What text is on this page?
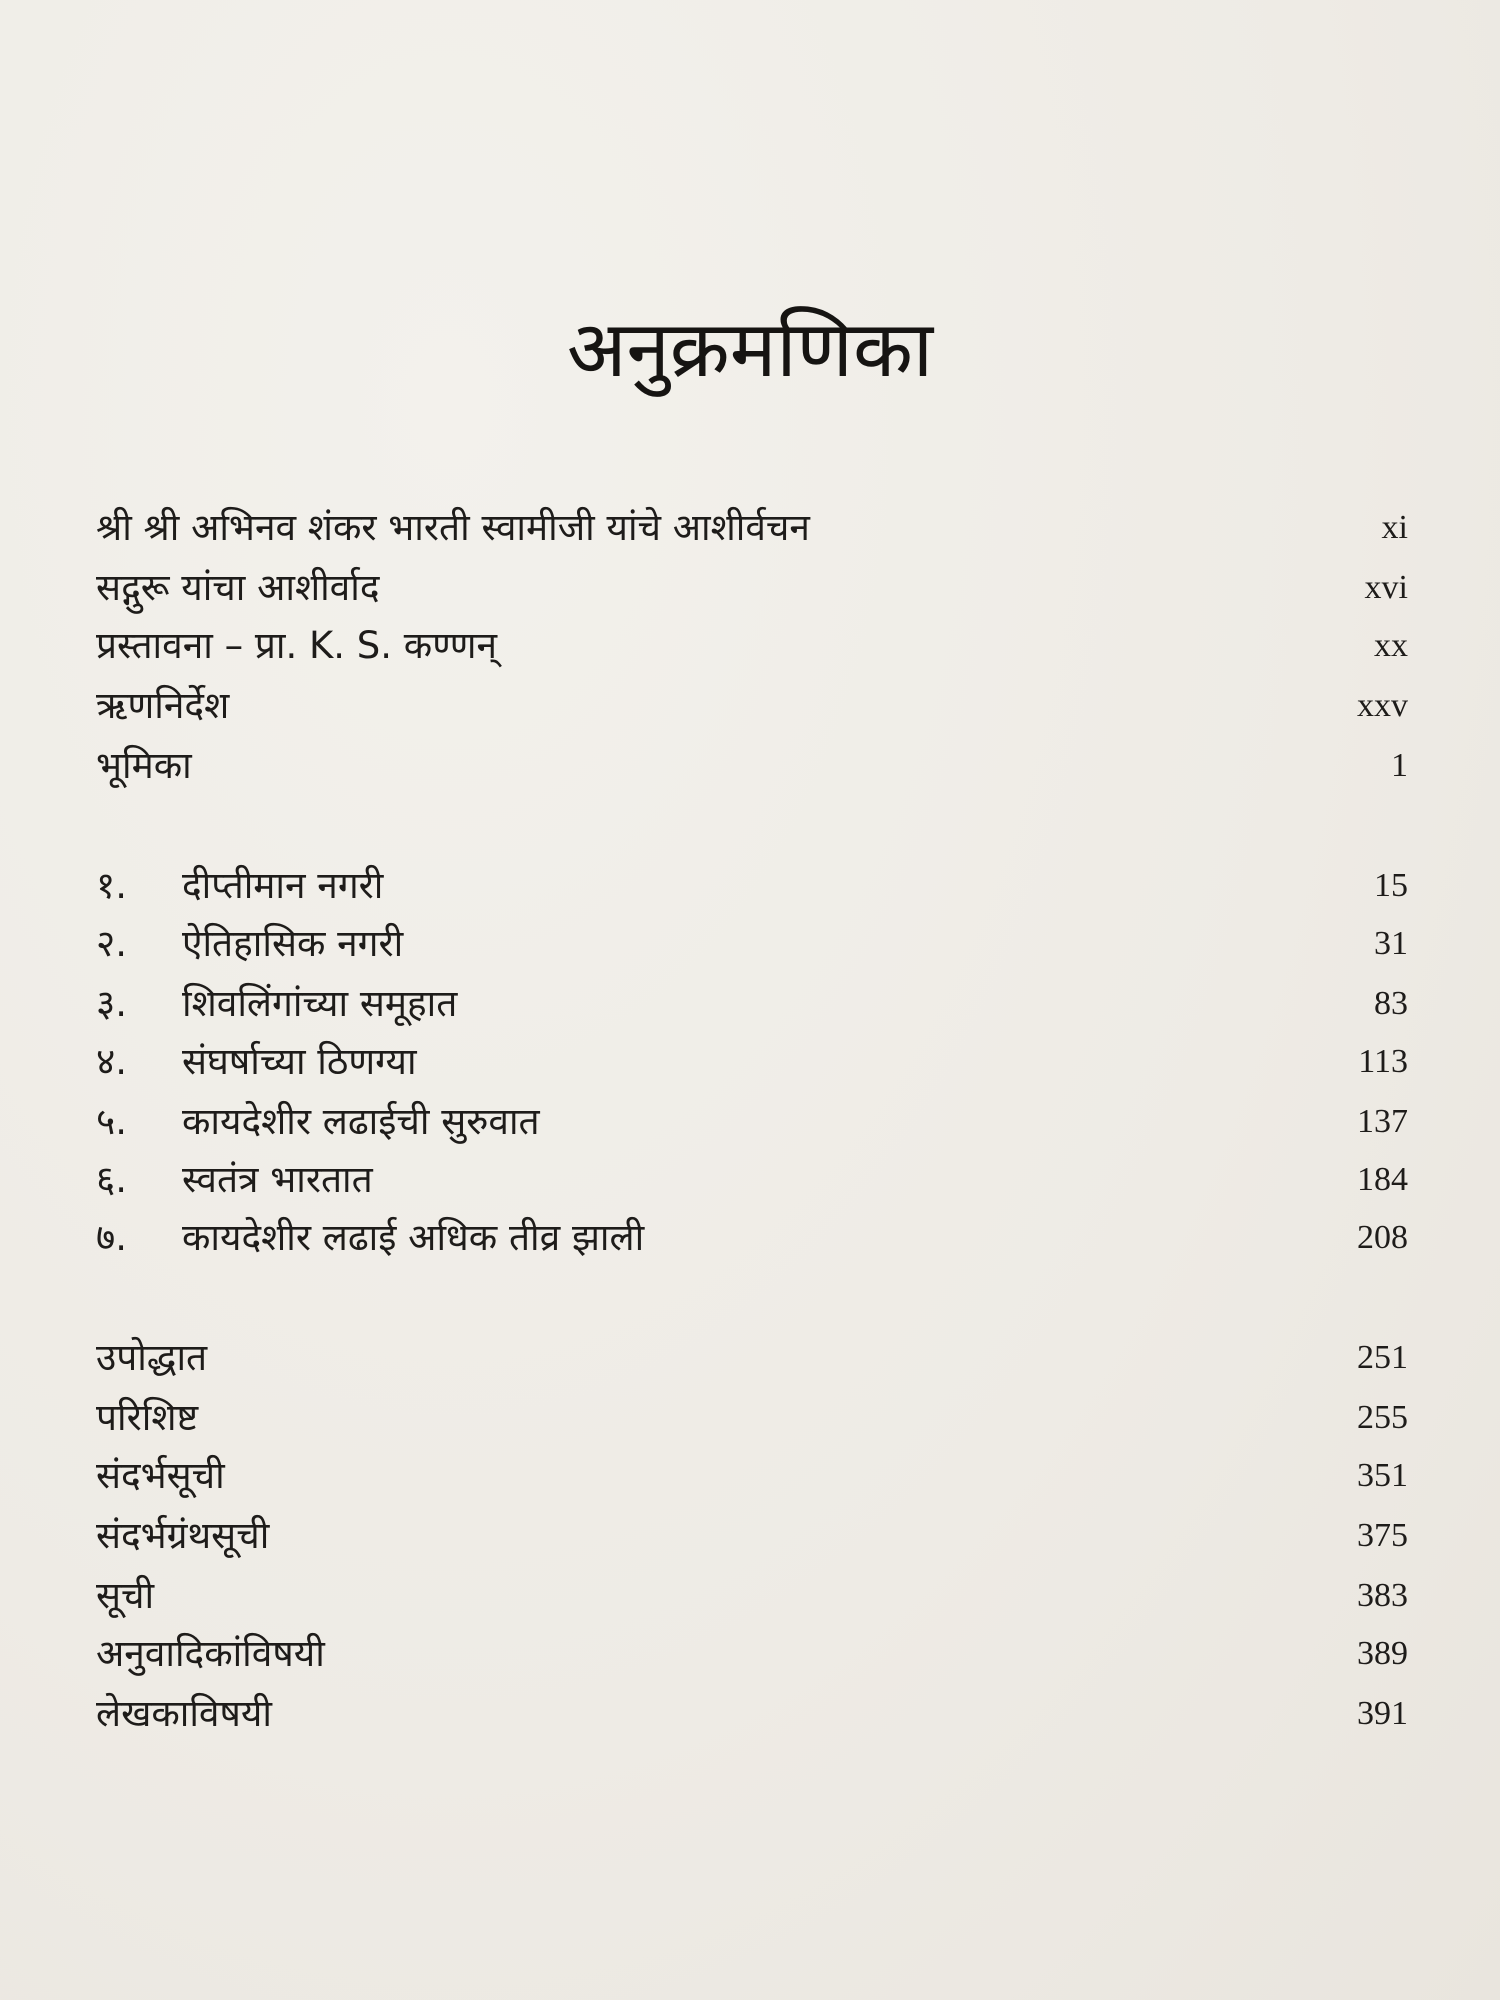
अनुक्रमणिका
श्री श्री अभिनव शंकर भारती स्वामीजी यांचे आशीर्वचन	xi
सद्गुरू यांचा आशीर्वाद	xvi
प्रस्तावना – प्रा. K. S. कण्णन्	xx
ऋणनिर्देश	xxv
भूमिका	1
१. दीप्तीमान नगरी	15
२. ऐतिहासिक नगरी	31
३. शिवलिंगांच्या समूहात	83
४. संघर्षाच्या ठिणग्या	113
५. कायदेशीर लढाईची सुरुवात	137
६. स्वतंत्र भारतात	184
७. कायदेशीर लढाई अधिक तीव्र झाली	208
उपोद्धात	251
परिशिष्ट	255
संदर्भसूची	351
संदर्भग्रंथसूची	375
सूची	383
अनुवादिकांविषयी	389
लेखकाविषयी	391
